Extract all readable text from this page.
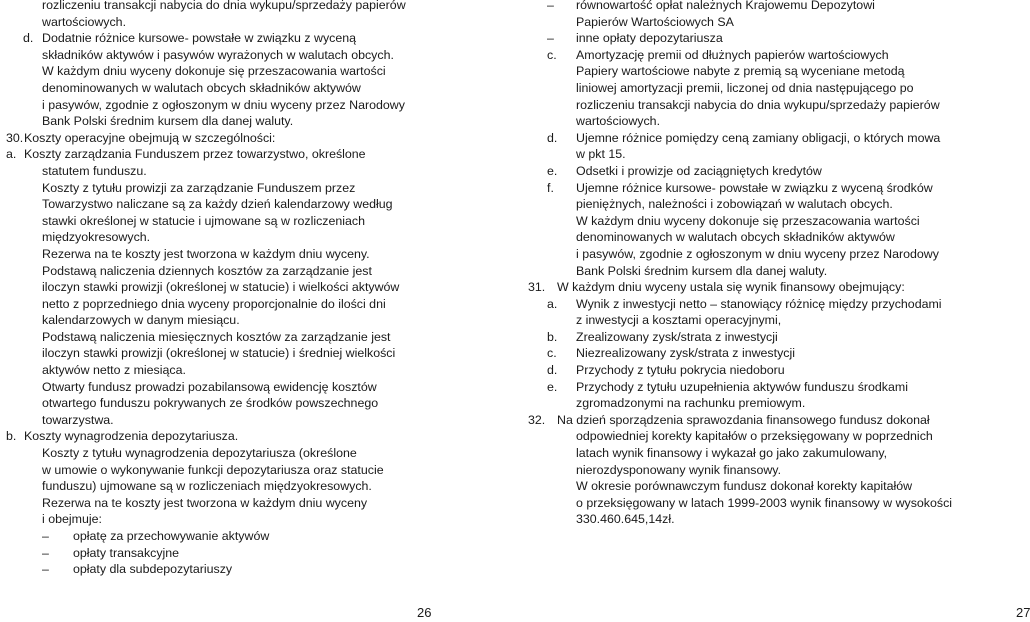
rozliczeniu transakcji nabycia do dnia wykupu/sprzedaży papierów
wartościowych.
d. Dodatnie różnice kursowe- powstałe w związku z wyceną
składników aktywów i pasywów wyrażonych w walutach obcych.
W każdym dniu wyceny dokonuje się przeszacowania wartości
denominowanych w walutach obcych składników aktywów
i pasywów, zgodnie z ogłoszonym w dniu wyceny przez Narodowy
Bank Polski średnim kursem dla danej waluty.
30. Koszty operacyjne obejmują w szczególności:
a. Koszty zarządzania Funduszem przez towarzystwo, określone
statutem funduszu.
Koszty z tytułu prowizji za zarządzanie Funduszem przez
Towarzystwo naliczane są za każdy dzień kalendarzowy według
stawki określonej w statucie i ujmowane są w rozliczeniach
międzyokresowych.
Rezerwa na te koszty jest tworzona w każdym dniu wyceny.
Podstawą naliczenia dziennych kosztów za zarządzanie jest
iloczyn stawki prowizji (określonej w statucie) i wielkości aktywów
netto z poprzedniego dnia wyceny proporcjonalnie do ilości dni
kalendarzowych w danym miesiącu.
Podstawą naliczenia miesięcznych kosztów za zarządzanie jest
iloczyn stawki prowizji (określonej w statucie) i średniej wielkości
aktywów netto z miesiąca.
Otwarty fundusz prowadzi pozabilansową ewidencję kosztów
otwartego funduszu pokrywanych ze środków powszechnego
towarzystwa.
b. Koszty wynagrodzenia depozytariusza.
Koszty z tytułu wynagrodzenia depozytariusza (określone
w umowie o wykonywanie funkcji depozytariusza oraz statucie
funduszu) ujmowane są w rozliczeniach międzyokresowych.
Rezerwa na te koszty jest tworzona w każdym dniu wyceny
i obejmuje:
– opłatę za przechowywanie aktywów
– opłaty transakcyjne
– opłaty dla subdepozytariuszy
26
– równowartość opłat należnych Krajowemu Depozytowi
Papierów Wartościowych SA
– inne opłaty depozytariusza
c. Amortyzację premii od dłużnych papierów wartościowych
Papiery wartościowe nabyte z premią są wyceniane metodą
liniowej amortyzacji premii, liczonej od dnia następującego po
rozliczeniu transakcji nabycia do dnia wykupu/sprzedaży papierów
wartościowych.
d. Ujemne różnice pomiędzy ceną zamiany obligacji, o których mowa
w pkt 15.
e. Odsetki i prowizje od zaciągniętych kredytów
f. Ujemne różnice kursowe- powstałe w związku z wyceną środków
pieniężnych, należności i zobowiązań w walutach obcych.
W każdym dniu wyceny dokonuje się przeszacowania wartości
denominowanych w walutach obcych składników aktywów
i pasywów, zgodnie z ogłoszonym w dniu wyceny przez Narodowy
Bank Polski średnim kursem dla danej waluty.
31. W każdym dniu wyceny ustala się wynik finansowy obejmujący:
a. Wynik z inwestycji netto – stanowiący różnicę między przychodami
z inwestycji a kosztami operacyjnymi,
b. Zrealizowany zysk/strata z inwestycji
c. Niezrealizowany zysk/strata z inwestycji
d. Przychody z tytułu pokrycia niedoboru
e. Przychody z tytułu uzupełnienia aktywów funduszu środkami
zgromadzonymi na rachunku premiowym.
32. Na dzień sporządzenia sprawozdania finansowego fundusz dokonał
odpowiedniej korekty kapitałów o przeksięgowany w poprzednich
latach wynik finansowy i wykazał go jako zakumulowany,
nierozdysponowany wynik finansowy.
W okresie porównawczym fundusz dokonał korekty kapitałów
o przeksięgowany w latach 1999-2003 wynik finansowy w wysokości
330.460.645,14zł.
27
